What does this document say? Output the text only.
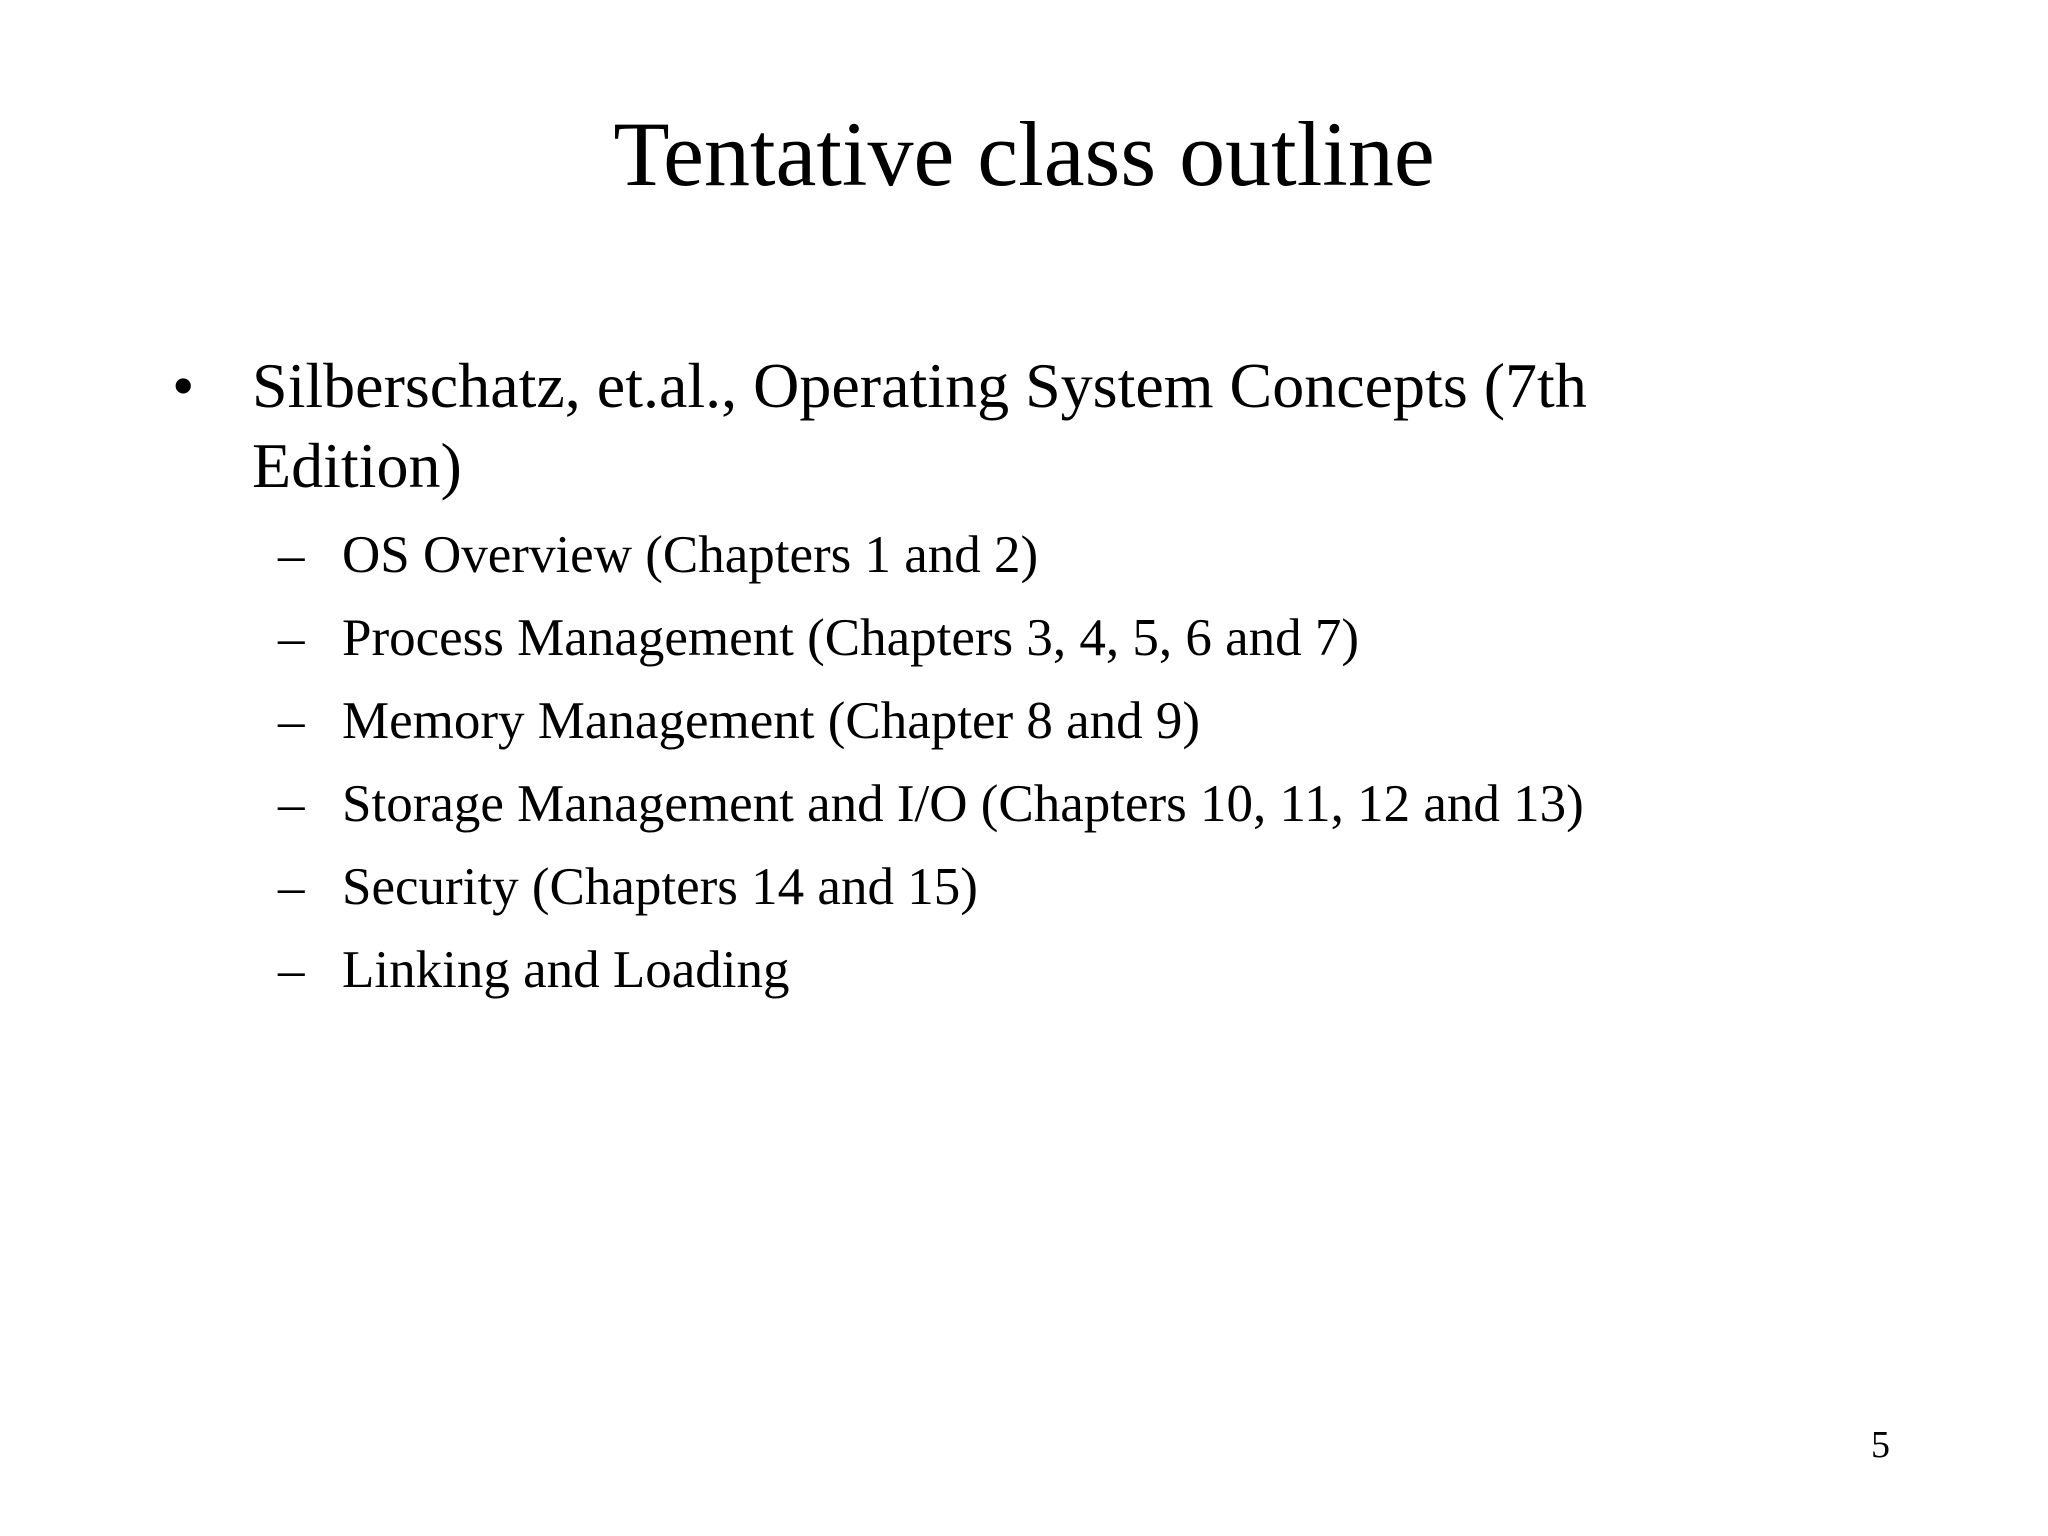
Tentative class outline
• Silberschatz, et.al., Operating System Concepts (7th Edition)
– OS Overview (Chapters 1 and 2)
– Process Management (Chapters 3, 4, 5, 6 and 7)
– Memory Management (Chapter 8 and 9)
– Storage Management and I/O (Chapters 10, 11, 12 and 13)
– Security (Chapters 14 and 15)
– Linking and Loading
5
